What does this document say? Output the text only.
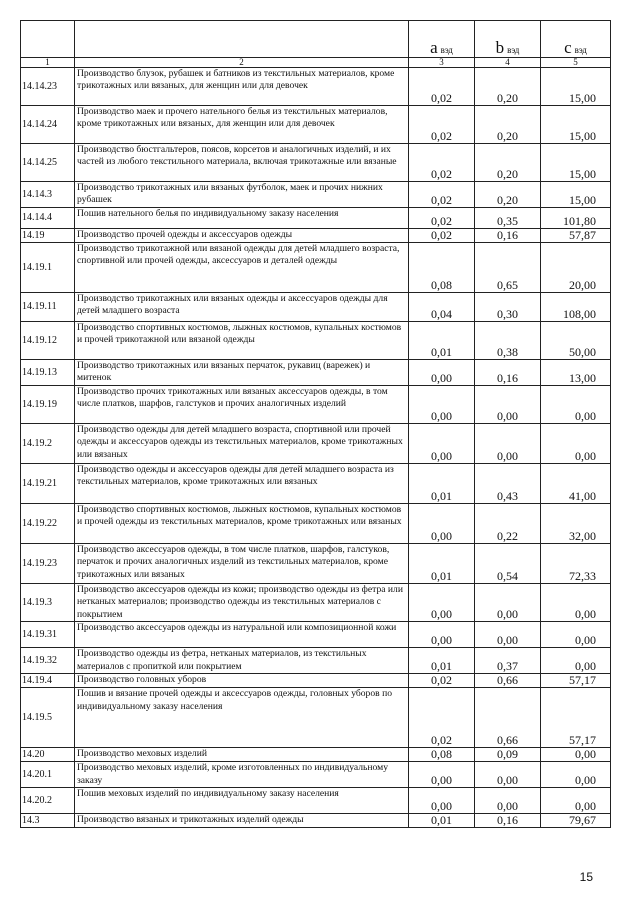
		a вэд	b вэд	c вэд
1	2	3	4	5
14.14.23	Производство блузок, рубашек и батников из текстильных материалов, кроме трикотажных или вязаных, для женщин или для девочек	0,02	0,20	15,00
14.14.24	Производство маек и прочего нательного белья из текстильных материалов, кроме трикотажных или вязаных, для женщин или для девочек	0,02	0,20	15,00
14.14.25	Производство бюстгальтеров, поясов, корсетов и аналогичных изделий, и их частей из любого текстильного материала, включая трикотажные или вязаные	0,02	0,20	15,00
14.14.3	Производство трикотажных или вязаных футболок, маек и прочих нижних рубашек	0,02	0,20	15,00
14.14.4	Пошив нательного белья по индивидуальному заказу населения	0,02	0,35	101,80
14.19	Производство прочей одежды и аксессуаров одежды	0,02	0,16	57,87
14.19.1	Производство трикотажной или вязаной одежды для детей младшего возраста, спортивной или прочей одежды, аксессуаров и деталей одежды	0,08	0,65	20,00
14.19.11	Производство трикотажных или вязаных одежды и аксессуаров одежды для детей младшего возраста	0,04	0,30	108,00
14.19.12	Производство спортивных костюмов, лыжных костюмов, купальных костюмов и прочей трикотажной или вязаной одежды	0,01	0,38	50,00
14.19.13	Производство трикотажных или вязаных перчаток, рукавиц (варежек) и митенок	0,00	0,16	13,00
14.19.19	Производство прочих трикотажных или вязаных аксессуаров одежды, в том числе платков, шарфов, галстуков и прочих аналогичных изделий	0,00	0,00	0,00
14.19.2	Производство одежды для детей младшего возраста, спортивной или прочей одежды и аксессуаров одежды из текстильных материалов, кроме трикотажных или вязаных	0,00	0,00	0,00
14.19.21	Производство одежды и аксессуаров одежды для детей младшего возраста из текстильных материалов, кроме трикотажных или вязаных	0,01	0,43	41,00
14.19.22	Производство спортивных костюмов, лыжных костюмов, купальных костюмов и прочей одежды из текстильных материалов, кроме трикотажных или вязаных	0,00	0,22	32,00
14.19.23	Производство аксессуаров одежды, в том числе платков, шарфов, галстуков, перчаток и прочих аналогичных изделий из текстильных материалов, кроме трикотажных или вязаных	0,01	0,54	72,33
14.19.3	Производство аксессуаров одежды из кожи; производство одежды из фетра или нетканых материалов; производство одежды из текстильных материалов с покрытием	0,00	0,00	0,00
14.19.31	Производство аксессуаров одежды из натуральной или композиционной кожи	0,00	0,00	0,00
14.19.32	Производство одежды из фетра, нетканых материалов, из текстильных материалов с пропиткой или покрытием	0,01	0,37	0,00
14.19.4	Производство головных уборов	0,02	0,66	57,17
14.19.5	Пошив и вязание прочей одежды и аксессуаров одежды, головных уборов по индивидуальному заказу населения	0,02	0,66	57,17
14.20	Производство меховых изделий	0,08	0,09	0,00
14.20.1	Производство меховых изделий, кроме изготовленных по индивидуальному заказу	0,00	0,00	0,00
14.20.2	Пошив меховых изделий по индивидуальному заказу населения	0,00	0,00	0,00
14.3	Производство вязаных и трикотажных изделий одежды	0,01	0,16	79,67
15
